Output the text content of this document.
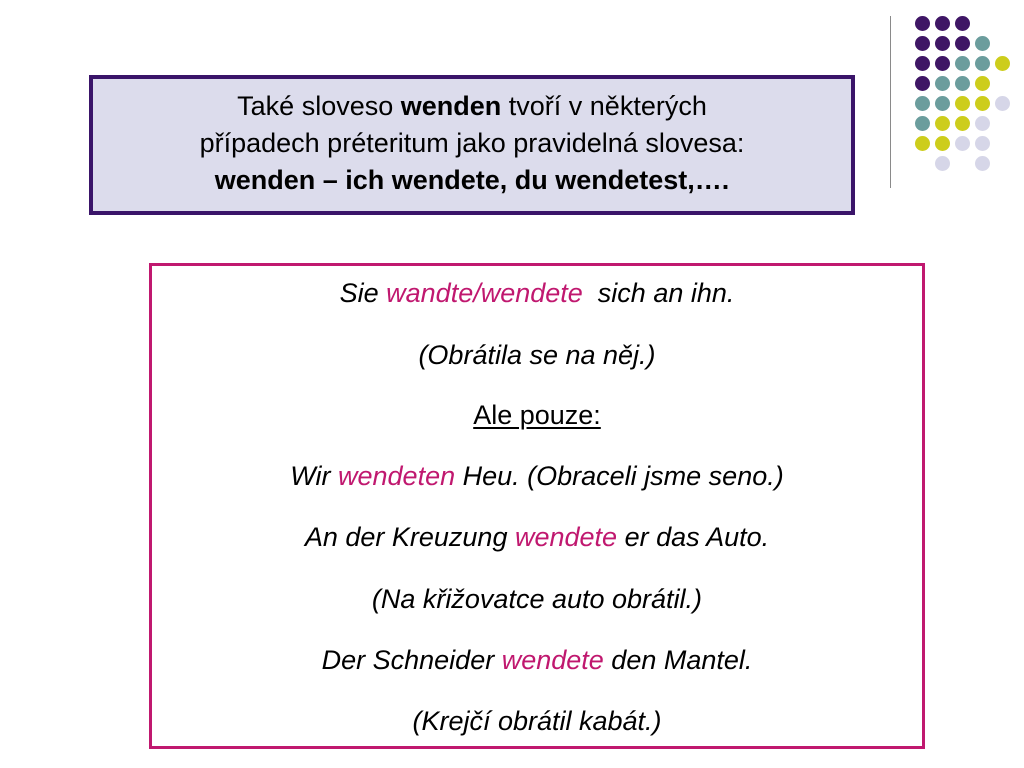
Také sloveso wenden tvoří v některých
případech préteritum jako pravidelná slovesa:
wenden – ich wendete, du wendetest,….
Sie wandte/wendete  sich an ihn.
(Obrátila se na něj.)
Ale pouze:
Wir wendeten Heu. (Obraceli jsme seno.)
An der Kreuzung wendete er das Auto.
(Na křižovatce auto obrátil.)
Der Schneider wendete den Mantel.
(Krejčí obrátil kabát.)
